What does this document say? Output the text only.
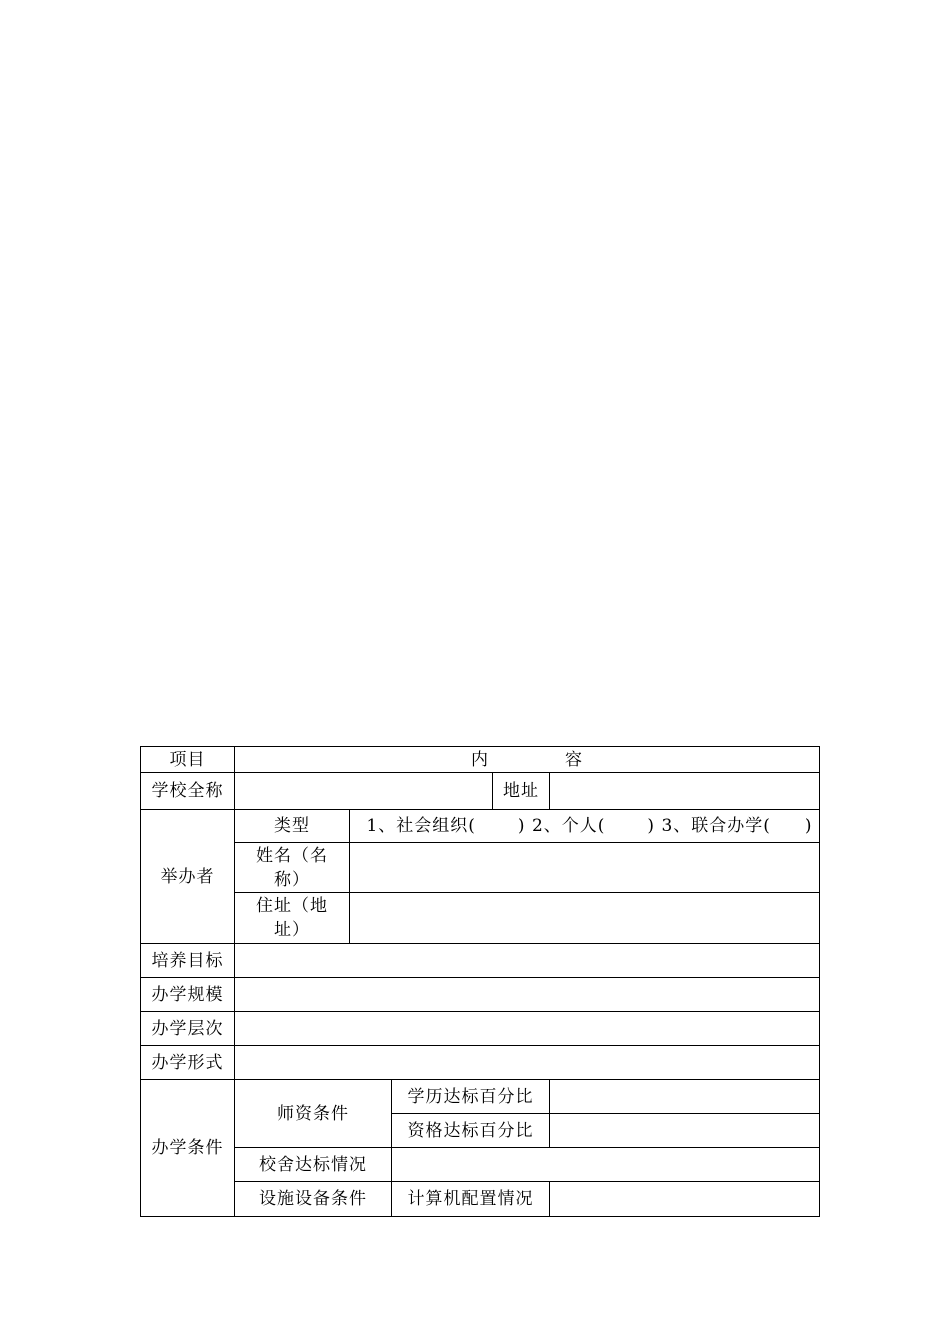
项目	内 容				
学校全称				地址	
举办者	类型	1、社会组织( ) 2、个人( ) 3、联合办学( )			
	姓名（名称）				
	住址（地址）				
培养目标					
办学规模					
办学层次					
办学形式					
办学条件	师资条件		学历达标百分比		
			资格达标百分比		
	校舍达标情况				
	设施设备条件		计算机配置情况		
